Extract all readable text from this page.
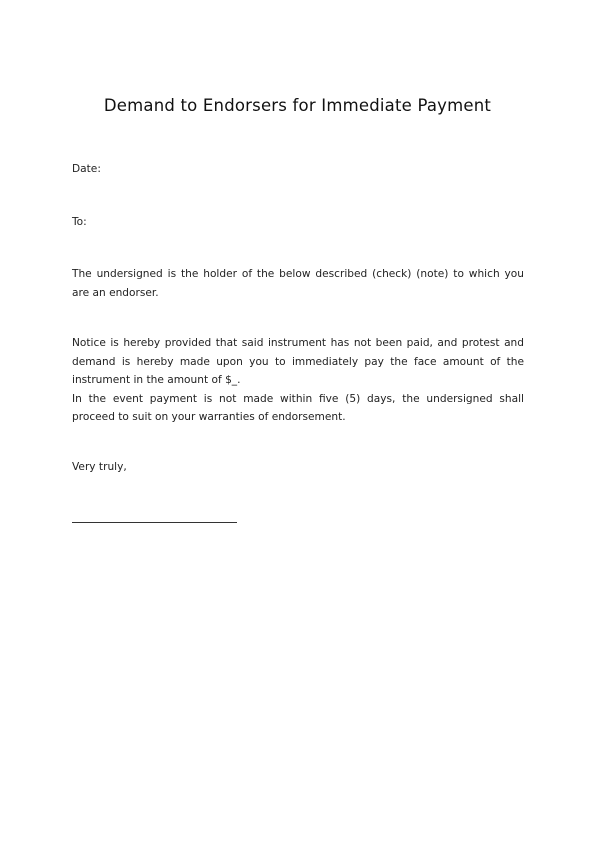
Demand to Endorsers for Immediate Payment

Date:

To:

The undersigned is the holder of the below described (check) (note) to which you are an endorser.

Notice is hereby provided that said instrument has not been paid, and protest and demand is hereby made upon you to immediately pay the face amount of the instrument in the amount of $_.
In the event payment is not made within five (5) days, the undersigned shall proceed to suit on your warranties of endorsement.

Very truly,
